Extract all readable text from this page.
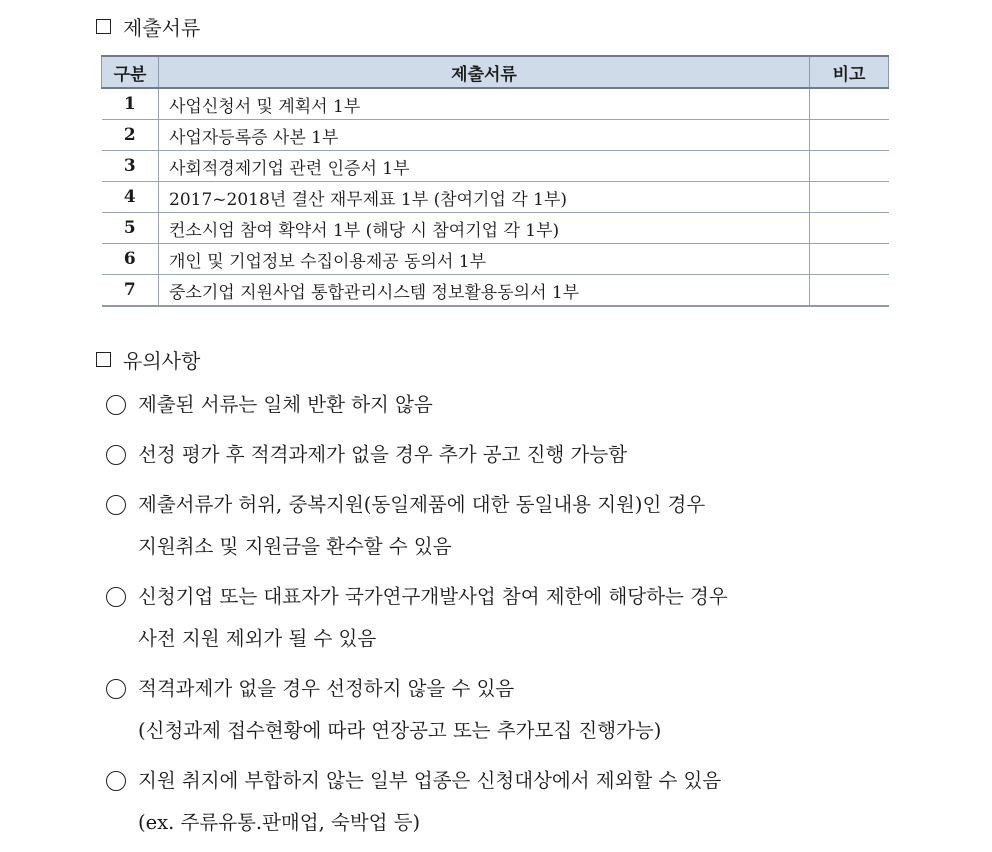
제출서류
구분	제출서류	비고
1	사업신청서 및 계획서 1부	
2	사업자등록증 사본 1부	
3	사회적경제기업 관련 인증서 1부	
4	2017~2018년 결산 재무제표 1부 (참여기업 각 1부)	
5	컨소시엄 참여 확약서 1부 (해당 시 참여기업 각 1부)	
6	개인 및 기업정보 수집이용제공 동의서 1부	
7	중소기업 지원사업 통합관리시스템 정보활용동의서 1부	
유의사항
제출된 서류는 일체 반환 하지 않음
선정 평가 후 적격과제가 없을 경우 추가 공고 진행 가능함
제출서류가 허위, 중복지원(동일제품에 대한 동일내용 지원)인 경우
지원취소 및 지원금을 환수할 수 있음
신청기업 또는 대표자가 국가연구개발사업 참여 제한에 해당하는 경우
사전 지원 제외가 될 수 있음
적격과제가 없을 경우 선정하지 않을 수 있음
(신청과제 접수현황에 따라 연장공고 또는 추가모집 진행가능)
지원 취지에 부합하지 않는 일부 업종은 신청대상에서 제외할 수 있음
(ex. 주류유통.판매업, 숙박업 등)
